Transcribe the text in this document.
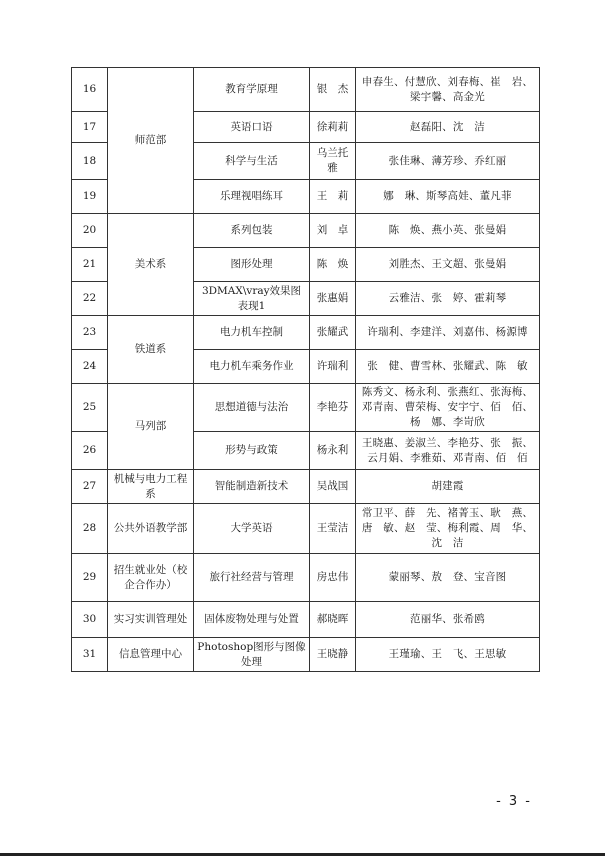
16	师范部	教育学原理	银　杰	申春生、付慧欣、刘春梅、崔　岩、梁宇馨、高金光
17		英语口语	徐莉莉	赵磊阳、沈　洁
18		科学与生活	乌兰托雅	张佳琳、薄芳珍、乔红丽
19		乐理视唱练耳	王　莉	娜　琳、斯琴高娃、董凡菲
20	美术系	系列包装	刘　卓	陈　焕、燕小英、张曼娟
21		图形处理	陈　焕	刘胜杰、王文超、张曼娟
22		3DMAX\vray效果图表现1	张惠娟	云雅洁、张　婷、霍莉琴
23	铁道系	电力机车控制	张耀武	许瑞利、李建洋、刘嘉伟、杨源博
24		电力机车乘务作业	许瑞利	张　健、曹雪林、张耀武、陈　敏
25	马列部	思想道德与法治	李艳芬	陈秀文、杨永利、张燕红、张海梅、邓青南、曹荣梅、安宇宁、佰　佰、杨　娜、李岢欣
26		形势与政策	杨永利	王晓惠、姜淑兰、李艳芬、张　振、云月娟、李雅茹、邓青南、佰　佰
27	机械与电力工程系	智能制造新技术	吴战国	胡建霞
28	公共外语教学部	大学英语	王莹洁	常卫平、薛　先、褚菁玉、耿　燕、唐　敏、赵　莹、梅利霞、周　华、沈　洁
29	招生就业处（校企合作办）	旅行社经营与管理	房忠伟	蒙丽琴、敖　登、宝音图
30	实习实训管理处	固体废物处理与处置	郝晓晖	范丽华、张希鸥
31	信息管理中心	Photoshop图形与图像处理	王晓静	王瑾瑜、王　飞、王思敏
- 3 -
